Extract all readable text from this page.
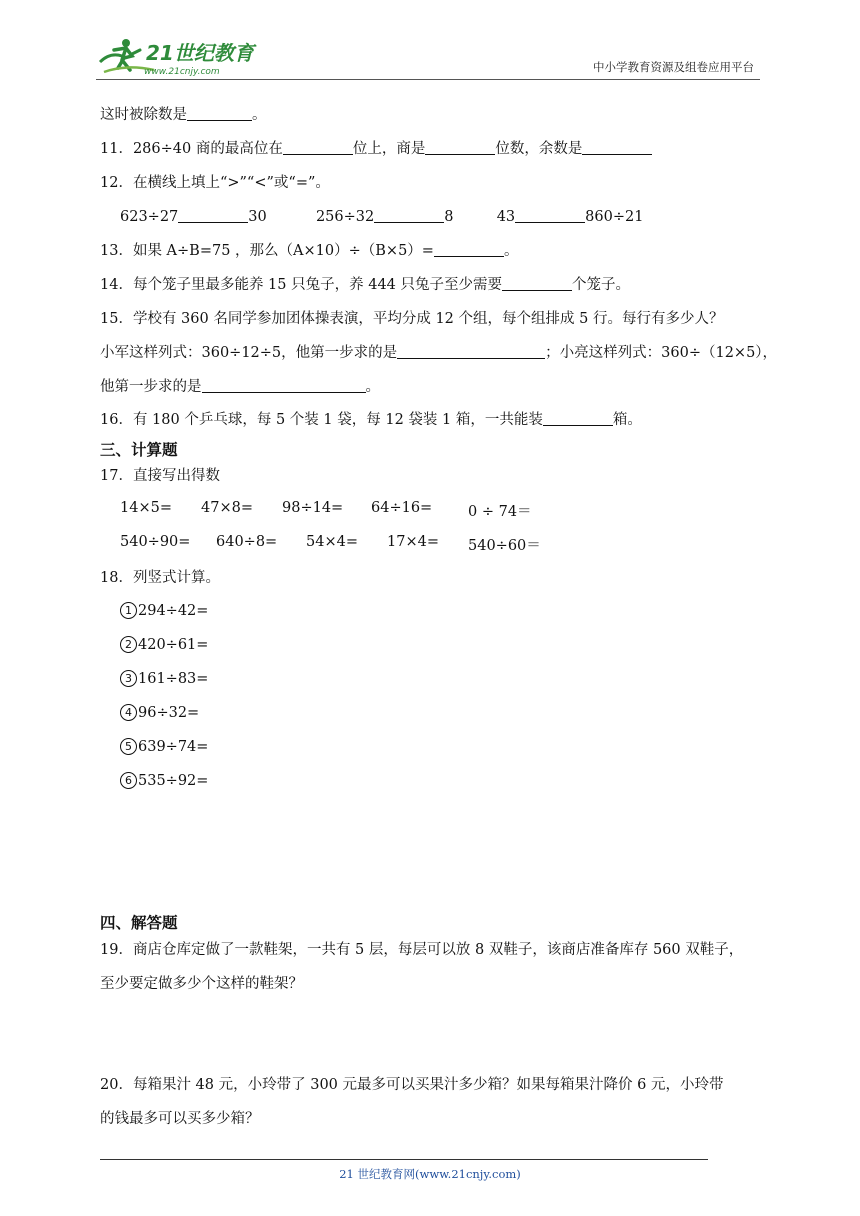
21世纪教育
www.21cnjy.com	中小学教育资源及组卷应用平台
这时被除数是	。
11．286÷40 商的最高位在	位上，商是	位数，余数是
12．在横线上填上“>”“<”或“=”。
623÷27	30	256÷32	8	43	860÷21
13．如果 A÷B=75 ，那么（A×10）÷（B×5）=	。
14．每个笼子里最多能养 15 只兔子，养 444 只兔子至少需要	个笼子。
15．学校有 360 名同学参加团体操表演，平均分成 12 个组，每个组排成 5 行。每行有多少人？
小军这样列式：360÷12÷5，他第一步求的是	；小亮这样列式：360÷（12×5），
他第一步求的是	。
16．有 180 个乒乓球，每 5 个装 1 袋，每 12 袋装 1 箱，一共能装	箱。
三、计算题
17．直接写出得数
14×5= 47×8= 98÷14= 64÷16= 0 ÷ 74＝
540÷90= 640÷8= 54×4= 17×4= 540÷60＝
18．列竖式计算。
1 294÷42=
2 420÷61=
3 161÷83=
4 96÷32=
5 639÷74=
6 535÷92=
四、解答题
19．商店仓库定做了一款鞋架，一共有 5 层，每层可以放 8 双鞋子，该商店准备库存 560 双鞋子，
至少要定做多少个这样的鞋架？
20．每箱果汁 48 元，小玲带了 300 元最多可以买果汁多少箱？如果每箱果汁降价 6 元，小玲带
的钱最多可以买多少箱？
21 世纪教育网(www.21cnjy.com)
